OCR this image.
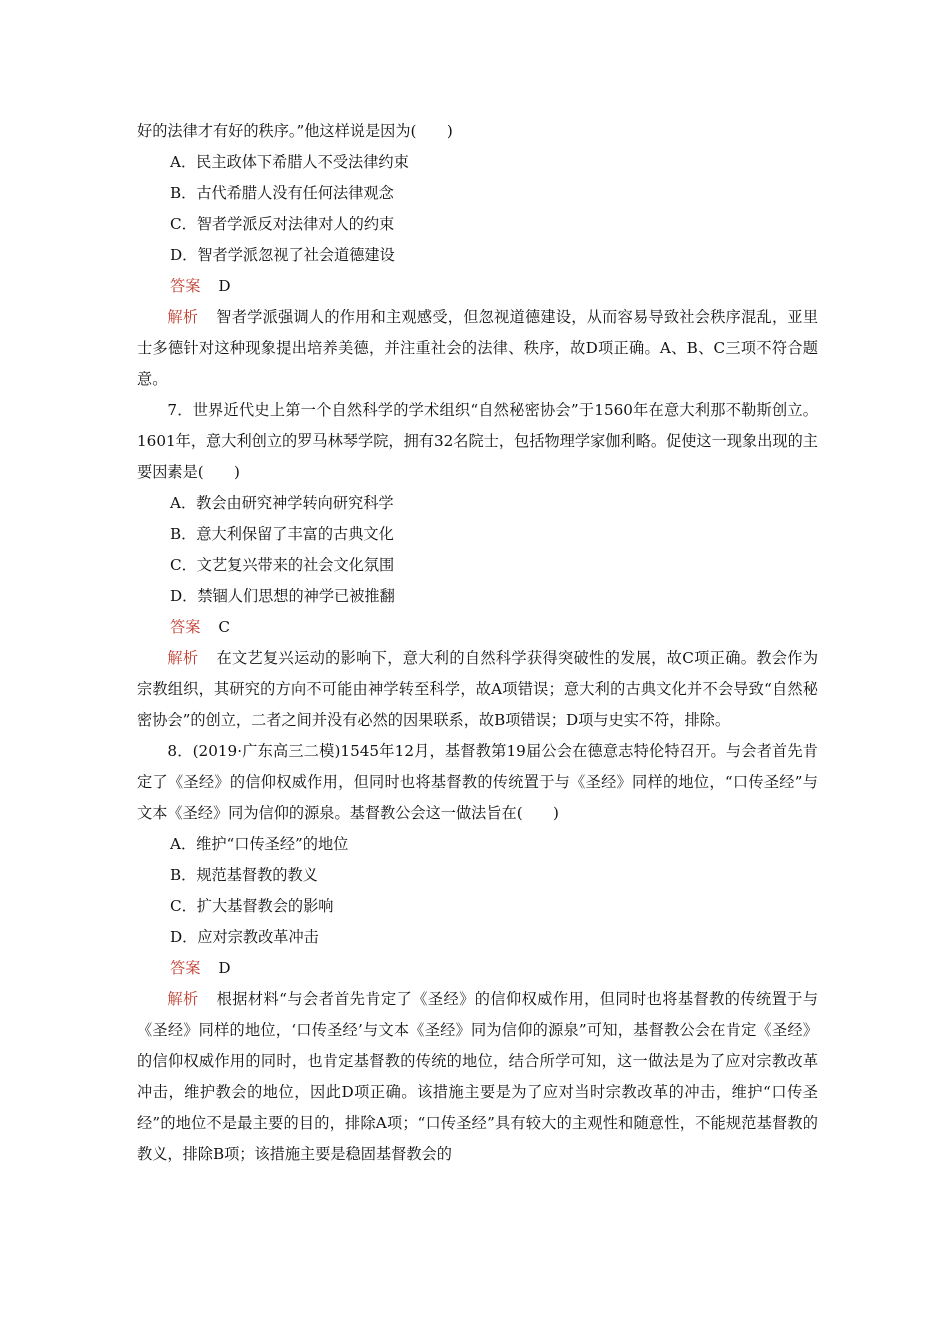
好的法律才有好的秩序。”他这样说是因为(　　)

A．民主政体下希腊人不受法律约束

B．古代希腊人没有任何法律观念

C．智者学派反对法律对人的约束

D．智者学派忽视了社会道德建设

答案 D

解析 智者学派强调人的作用和主观感受，但忽视道德建设，从而容易导致社会秩序混乱，亚里士多德针对这种现象提出培养美德，并注重社会的法律、秩序，故D项正确。A、B、C三项不符合题意。

7．世界近代史上第一个自然科学的学术组织“自然秘密协会”于1560年在意大利那不勒斯创立。1601年，意大利创立的罗马林琴学院，拥有32名院士，包括物理学家伽利略。促使这一现象出现的主要因素是(　　)

A．教会由研究神学转向研究科学

B．意大利保留了丰富的古典文化

C．文艺复兴带来的社会文化氛围

D．禁锢人们思想的神学已被推翻

答案 C

解析 在文艺复兴运动的影响下，意大利的自然科学获得突破性的发展，故C项正确。教会作为宗教组织，其研究的方向不可能由神学转至科学，故A项错误；意大利的古典文化并不会导致“自然秘密协会”的创立，二者之间并没有必然的因果联系，故B项错误；D项与史实不符，排除。

8．(2019·广东高三二模)1545年12月，基督教第19届公会在德意志特伦特召开。与会者首先肯定了《圣经》的信仰权威作用，但同时也将基督教的传统置于与《圣经》同样的地位，“口传圣经”与文本《圣经》同为信仰的源泉。基督教公会这一做法旨在(　　)

A．维护“口传圣经”的地位

B．规范基督教的教义

C．扩大基督教会的影响

D．应对宗教改革冲击

答案 D

解析 根据材料“与会者首先肯定了《圣经》的信仰权威作用，但同时也将基督教的传统置于与《圣经》同样的地位，‘口传圣经’与文本《圣经》同为信仰的源泉”可知，基督教公会在肯定《圣经》的信仰权威作用的同时，也肯定基督教的传统的地位，结合所学可知，这一做法是为了应对宗教改革冲击，维护教会的地位，因此D项正确。该措施主要是为了应对当时宗教改革的冲击，维护“口传圣经”的地位不是最主要的目的，排除A项；“口传圣经”具有较大的主观性和随意性，不能规范基督教的教义，排除B项；该措施主要是稳固基督教会的
